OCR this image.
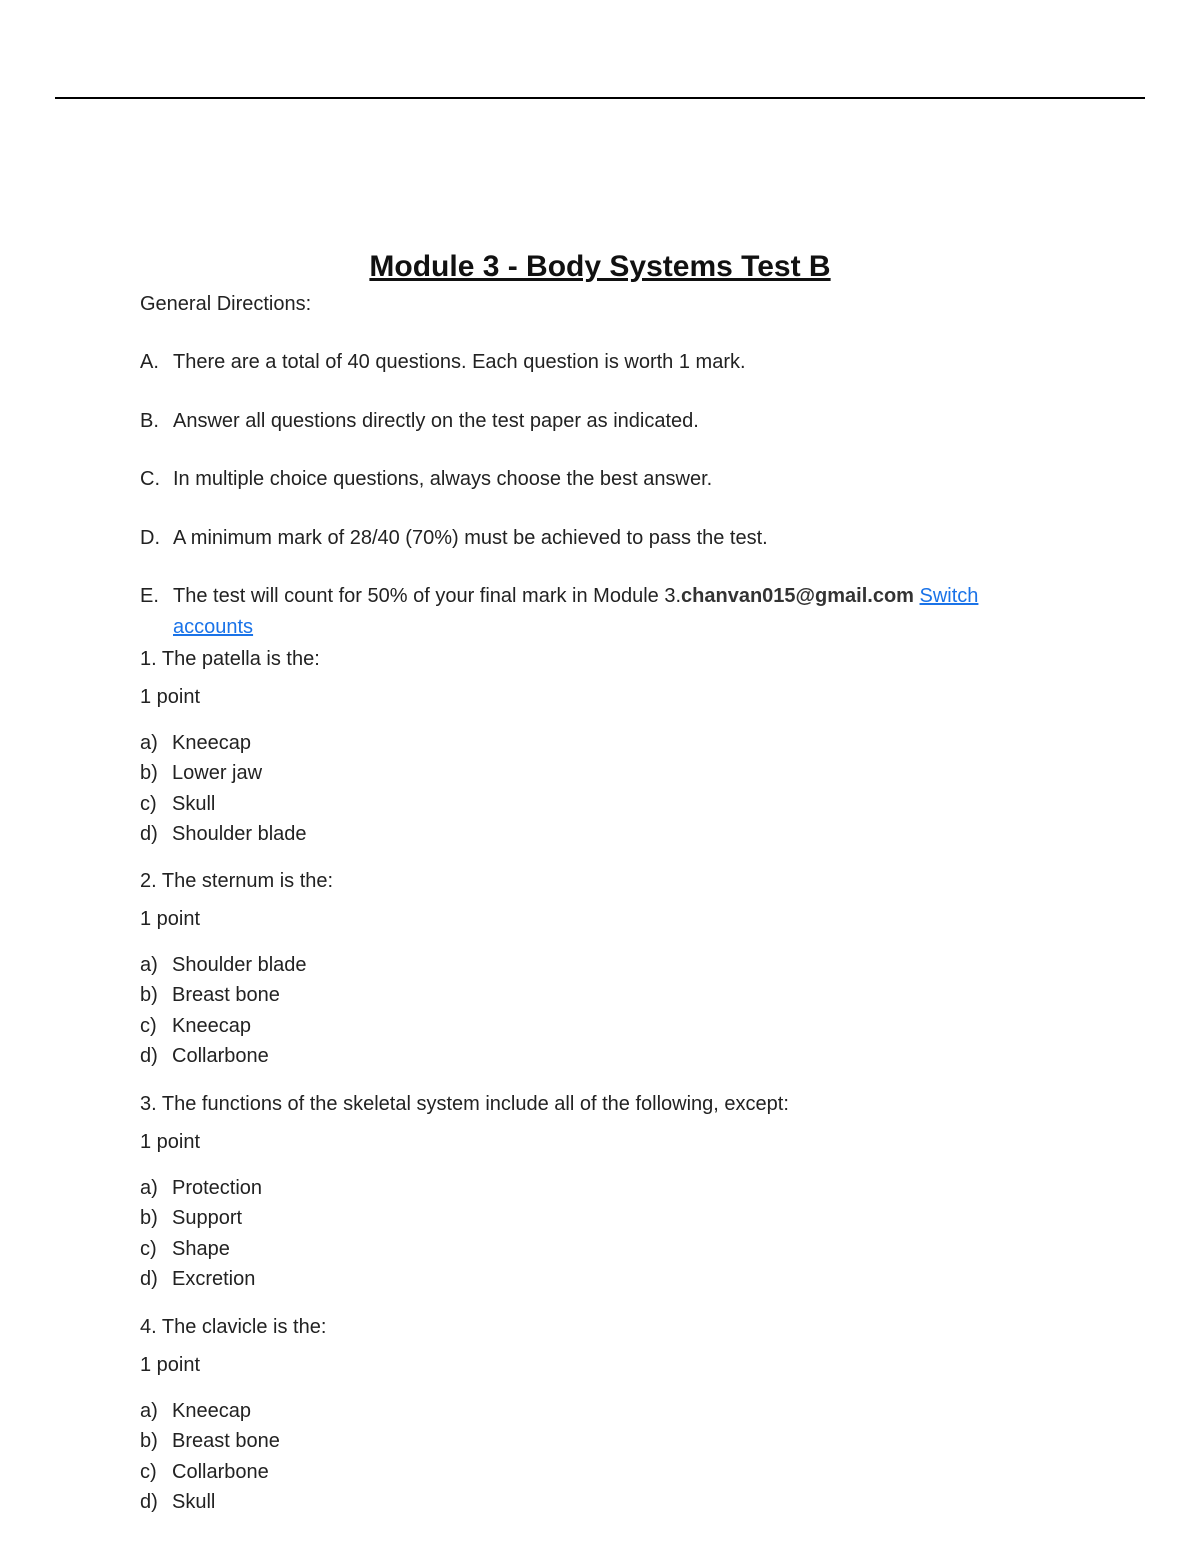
Module 3 - Body Systems Test B
General Directions:
A. There are a total of 40 questions. Each question is worth 1 mark.
B. Answer all questions directly on the test paper as indicated.
C. In multiple choice questions, always choose the best answer.
D. A minimum mark of 28/40 (70%) must be achieved to pass the test.
E. The test will count for 50% of your final mark in Module 3.chanvan015@gmail.com Switch accounts
1. The patella is the:
1 point
a) Kneecap
b) Lower jaw
c) Skull
d) Shoulder blade
2. The sternum is the:
1 point
a) Shoulder blade
b) Breast bone
c) Kneecap
d) Collarbone
3. The functions of the skeletal system include all of the following, except:
1 point
a) Protection
b) Support
c) Shape
d) Excretion
4. The clavicle is the:
1 point
a) Kneecap
b) Breast bone
c) Collarbone
d) Skull
